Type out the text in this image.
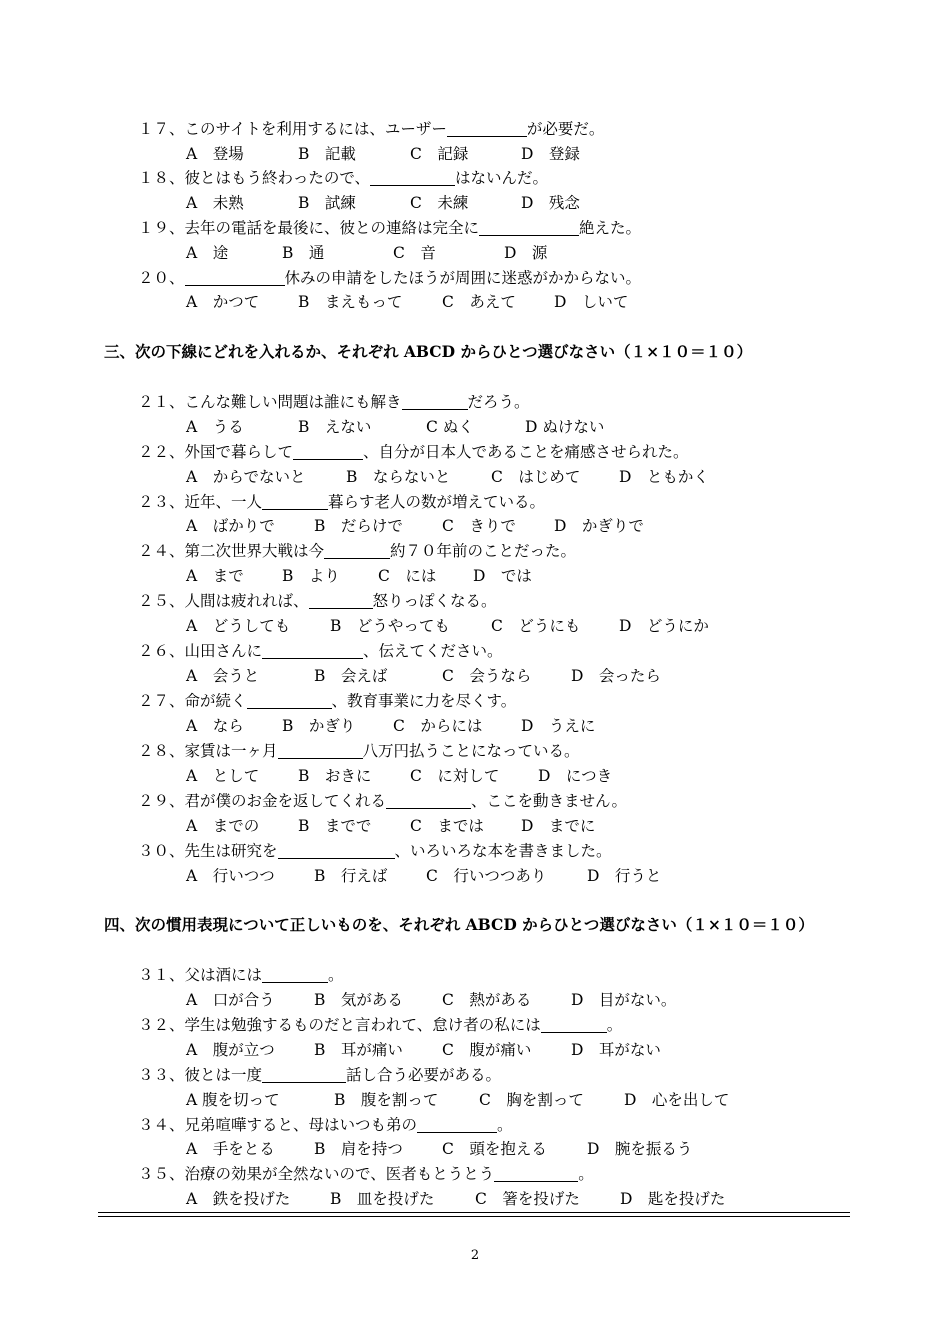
１７、このサイトを利用するには、ユーザー	が必要だ。
A　登場	B　記載	C　記録	D　登録
１８、彼とはもう終わったので、	はないんだ。
A　未熟	B　試練	C　未練	D　残念
１９、去年の電話を最後に、彼との連絡は完全に	絶えた。
A　途	B　通	C　音	D　源
２０、	休みの申請をしたほうが周囲に迷惑がかからない。
A　かつて	B　まえもって	C　あえて D　しいて
三、次の下線にどれを入れるか、それぞれ ABCD からひとつ選びなさい（１×１０＝１０）
２１、こんな難しい問題は誰にも解き	だろう。
A　うる	B　えない	C ぬく	D ぬけない
２２、外国で暮らして	、自分が日本人であることを痛感させられた。
A　からでないと	B　ならないと	C　はじめて D　ともかく
２３、近年、一人	暮らす老人の数が増えている。
A　ばかりで	B　だらけで	C　きりで D　かぎりで
２４、第二次世界大戦は今	約７０年前のことだった。
A　まで B　より C　には D　では
２５、人間は疲れれば、	怒りっぽくなる。
A　どうしても	B　どうやっても	C　どうにも D　どうにか
２６、山田さんに	、伝えてください。
A　会うと	B　会えば	C　会うなら	D　会ったら
２７、命が続く	、教育事業に力を尽くす。
A　なら B　かぎり C　からには D　うえに
２８、家賃は一ヶ月	八万円払うことになっている。
A　として	B　おきに C　に対して D　につき
２９、君が僕のお金を返してくれる	、ここを動きません。
A　までの	B　までで C　までは D　までに
３０、先生は研究を	、いろいろな本を書きました。
A　行いつつ	B　行えば C　行いつつあり	D　行うと
四、次の慣用表現について正しいものを、それぞれ ABCD からひとつ選びなさい（１×１０＝１０）
３１、父は酒には	。
A　口が合う	B　気がある	C　熱がある	D　目がない。
３２、学生は勉強するものだと言われて、怠け者の私には	。
A　腹が立つ	B　耳が痛い	C　腹が痛い	D　耳がない
３３、彼とは一度	話し合う必要がある。
A 腹を切って	B　腹を割って	C　胸を割って	D　心を出して
３４、兄弟喧嘩すると、母はいつも弟の	。
A　手をとる	B　肩を持つ	C　頭を抱える	D　腕を振るう
３５、治療の効果が全然ないので、医者もとうとう	。
A　鉄を投げた	B　皿を投げた	C　箸を投げた	D　匙を投げた
2
